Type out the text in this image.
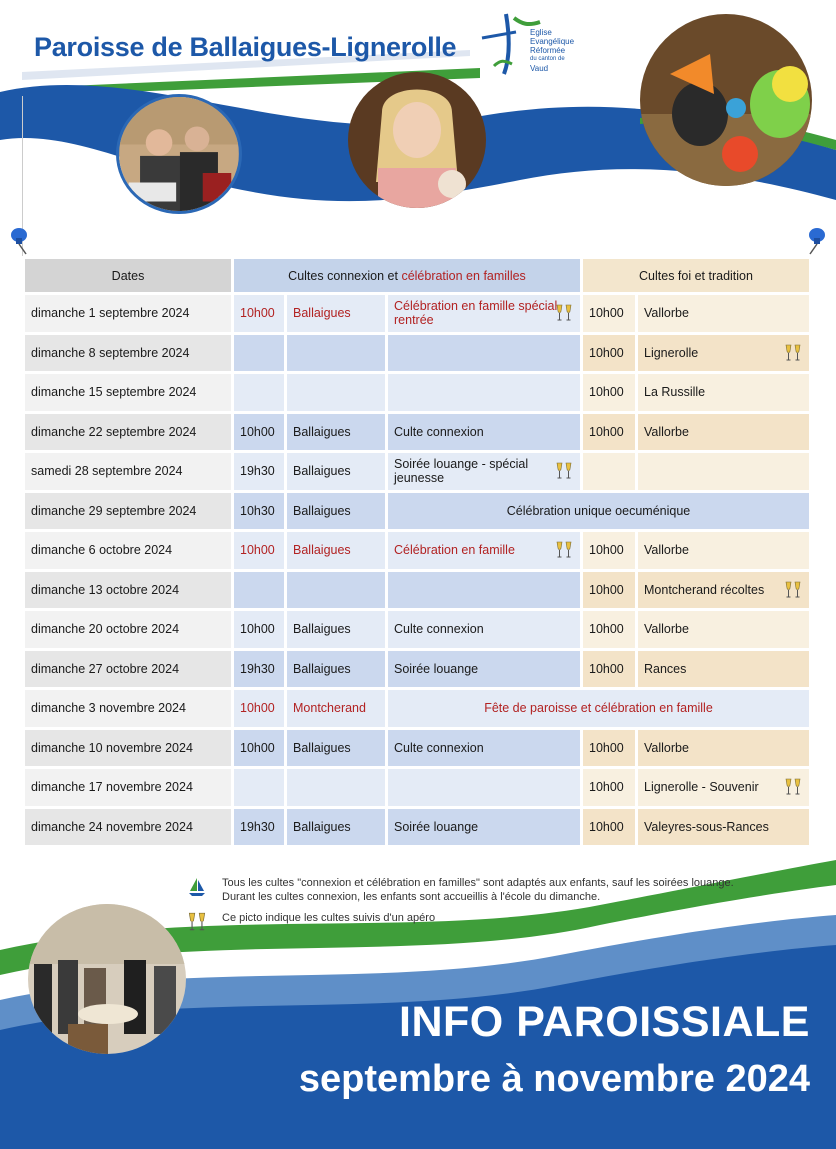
Paroisse de Ballaigues-Lignerolle	Eglise
Evangélique
Réformée
du canton de
Vaud
Dates	Cultes connexion et célébration en familles			Cultes foi et tradition	
dimanche 1 septembre 2024	10h00	Ballaigues	Célébration en famille spécial rentrée	10h00	Vallorbe
dimanche 8 septembre 2024				10h00	Lignerolle

dimanche 15 septembre 2024				10h00	La Russille
dimanche 22 septembre 2024	10h00	Ballaigues	Culte connexion	10h00	Vallorbe
samedi 28 septembre 2024	19h30	Ballaigues	Soirée louange - spécial jeunesse

dimanche 29 septembre 2024	10h30	Ballaigues	Célébration unique oecuménique		
dimanche 6 octobre 2024	10h00	Ballaigues	Célébration en famille	10h00	Vallorbe
dimanche 13 octobre 2024				10h00	Montcherand récoltes

dimanche 20 octobre 2024	10h00	Ballaigues	Culte connexion	10h00	Vallorbe
dimanche 27 octobre 2024	19h30	Ballaigues	Soirée louange	10h00	Rances
dimanche 3 novembre 2024	10h00	Montcherand	Fête de paroisse et célébration en famille		
dimanche 10 novembre 2024	10h00	Ballaigues	Culte connexion	10h00	Vallorbe
dimanche 17 novembre 2024				10h00	Lignerolle - Souvenir

dimanche 24 novembre 2024	19h30	Ballaigues	Soirée louange	10h00	Valeyres-sous-Rances
Tous les cultes "connexion et célébration en familles" sont adaptés aux enfants, sauf les soirées louange. Durant les cultes connexion, les enfants sont accueillis à l'école du dimanche.
Ce picto indique les cultes suivis d'un apéro
INFO PAROISSIALE
septembre à novembre 2024
